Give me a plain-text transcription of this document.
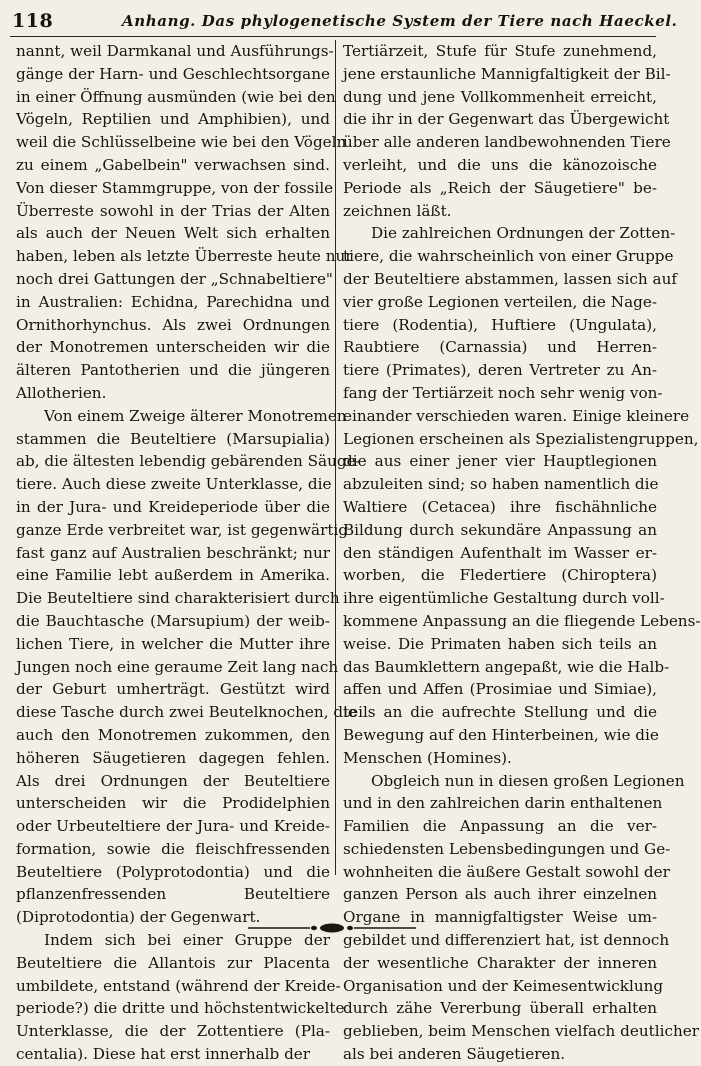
118	Anhang. Das phylogenetische System der Tiere nach Haeckel.
nannt, weil Darmkanal und Ausführungs-
gänge der Harn- und Geschlechtsorgane
in einer Öffnung ausmünden (wie bei den
Vögeln, Reptilien und Amphibien), und
weil die Schlüsselbeine wie bei den Vögeln
zu einem „Gabelbein" verwachsen sind.
Von dieser Stammgruppe, von der fossile
Überreste sowohl in der Trias der Alten
als auch der Neuen Welt sich erhalten
haben, leben als letzte Überreste heute nur
noch drei Gattungen der „Schnabeltiere"
in Australien: Echidna, Parechidna und
Ornithorhynchus. Als zwei Ordnungen
der Monotremen unterscheiden wir die
älteren Pantotherien und die jüngeren
Allotherien.
Von einem Zweige älterer Monotremen
stammen die Beuteltiere (Marsupialia)
ab, die ältesten lebendig gebärenden Säuge-
tiere. Auch diese zweite Unterklasse, die
in der Jura- und Kreideperiode über die
ganze Erde verbreitet war, ist gegenwärtig
fast ganz auf Australien beschränkt; nur
eine Familie lebt außerdem in Amerika.
Die Beuteltiere sind charakterisiert durch
die Bauchtasche (Marsupium) der weib-
lichen Tiere, in welcher die Mutter ihre
Jungen noch eine geraume Zeit lang nach
der Geburt umherträgt. Gestützt wird
diese Tasche durch zwei Beutelknochen, die
auch den Monotremen zukommen, den
höheren Säugetieren dagegen fehlen.
Als drei Ordnungen der Beuteltiere
unterscheiden wir die Prodidelphien
oder Urbeuteltiere der Jura- und Kreide-
formation, sowie die fleischfressenden
Beuteltiere (Polyprotodontia) und die
pflanzenfressenden Beuteltiere
(Diprotodontia) der Gegenwart.
Indem sich bei einer Gruppe der
Beuteltiere die Allantois zur Placenta
umbildete, entstand (während der Kreide-
periode?) die dritte und höchstentwickelte
Unterklasse, die der Zottentiere (Pla-
centalia). Diese hat erst innerhalb der
Tertiärzeit, Stufe für Stufe zunehmend,
jene erstaunliche Mannigfaltigkeit der Bil-
dung und jene Vollkommenheit erreicht,
die ihr in der Gegenwart das Übergewicht
über alle anderen landbewohnenden Tiere
verleiht, und die uns die känozoische
Periode als „Reich der Säugetiere" be-
zeichnen läßt.
Die zahlreichen Ordnungen der Zotten-
tiere, die wahrscheinlich von einer Gruppe
der Beuteltiere abstammen, lassen sich auf
vier große Legionen verteilen, die Nage-
tiere (Rodentia), Huftiere (Ungulata),
Raubtiere (Carnassia) und Herren-
tiere (Primates), deren Vertreter zu An-
fang der Tertiärzeit noch sehr wenig von-
einander verschieden waren. Einige kleinere
Legionen erscheinen als Spezialistengruppen,
die aus einer jener vier Hauptlegionen
abzuleiten sind; so haben namentlich die
Waltiere (Cetacea) ihre fischähnliche
Bildung durch sekundäre Anpassung an
den ständigen Aufenthalt im Wasser er-
worben, die Fledertiere (Chiroptera)
ihre eigentümliche Gestaltung durch voll-
kommene Anpassung an die fliegende Lebens-
weise. Die Primaten haben sich teils an
das Baumklettern angepaßt, wie die Halb-
affen und Affen (Prosimiae und Simiae),
teils an die aufrechte Stellung und die
Bewegung auf den Hinterbeinen, wie die
Menschen (Homines).
Obgleich nun in diesen großen Legionen
und in den zahlreichen darin enthaltenen
Familien die Anpassung an die ver-
schiedensten Lebensbedingungen und Ge-
wohnheiten die äußere Gestalt sowohl der
ganzen Person als auch ihrer einzelnen
Organe in mannigfaltigster Weise um-
gebildet und differenziert hat, ist dennoch
der wesentliche Charakter der inneren
Organisation und der Keimesentwicklung
durch zähe Vererbung überall erhalten
geblieben, beim Menschen vielfach deutlicher
als bei anderen Säugetieren.
